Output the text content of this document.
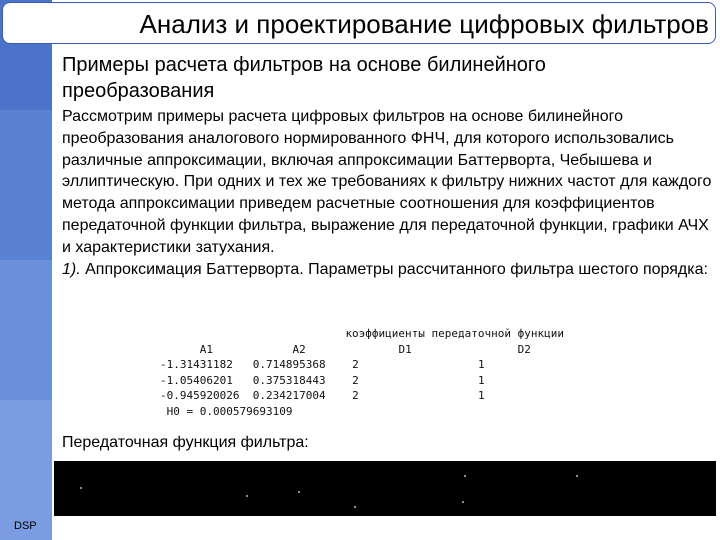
Анализ и проектирование цифровых фильтров
Примеры расчета фильтров на основе билинейного преобразования

Рассмотрим примеры расчета цифровых фильтров на основе билинейного преобразования аналогового нормированного ФНЧ, для которого использовались различные аппроксимации, включая аппроксимации Баттерворта, Чебышева и эллиптическую. При одних и тех же требованиях к фильтру нижних частот для каждого метода аппроксимации приведем расчетные соотношения для коэффициентов передаточной функции фильтра, выражение для передаточной функции, графики АЧХ и характеристики затухания.

1). Аппроксимация Баттерворта. Параметры рассчитанного фильтра шестого порядка:

коэффициенты передаточной функции
A1	A2	D1	D2
-1.31431182 0.714895368 2	1
-1.05406201 0.375318443 2	1
-0.945920026 0.234217004 2	1
H0 = 0.000579693109
Передаточная функция фильтра:
DSP
